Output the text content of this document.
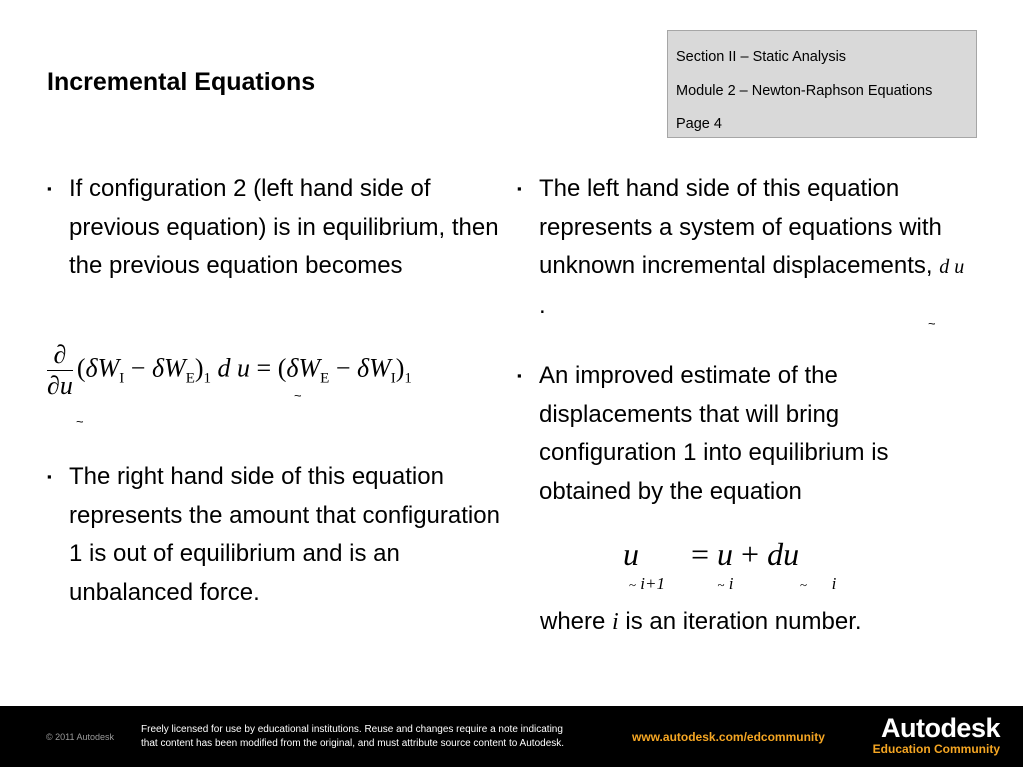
Incremental Equations
Section II – Static Analysis
Module 2 – Newton-Raphson Equations
Page 4
▪ If configuration 2 (left hand side of previous equation) is in equilibrium, then the previous equation becomes
$\frac{\partial}{\partial u} (\delta W_I - \delta W_E)_1$ d $u = (\delta W_E - \delta W_I)_1$
~
~
▪ The right hand side of this equation represents the amount that configuration 1 is out of equilibrium and is an unbalanced force.
▪ The left hand side of this equation represents a system of equations with unknown incremental displacements, d u .
~
▪ An improved estimate of the displacements that will bring configuration 1 into equilibrium is obtained by the equation
u = u + du
~ i+1	~ i	~ i
where i is an iteration number.
© 2011 Autodesk
Freely licensed for use by educational institutions. Reuse and changes require a note indicating
that content has been modified from the original, and must attribute source content to Autodesk.	www.autodesk.com/edcommunity	Autodesk
Education Community
